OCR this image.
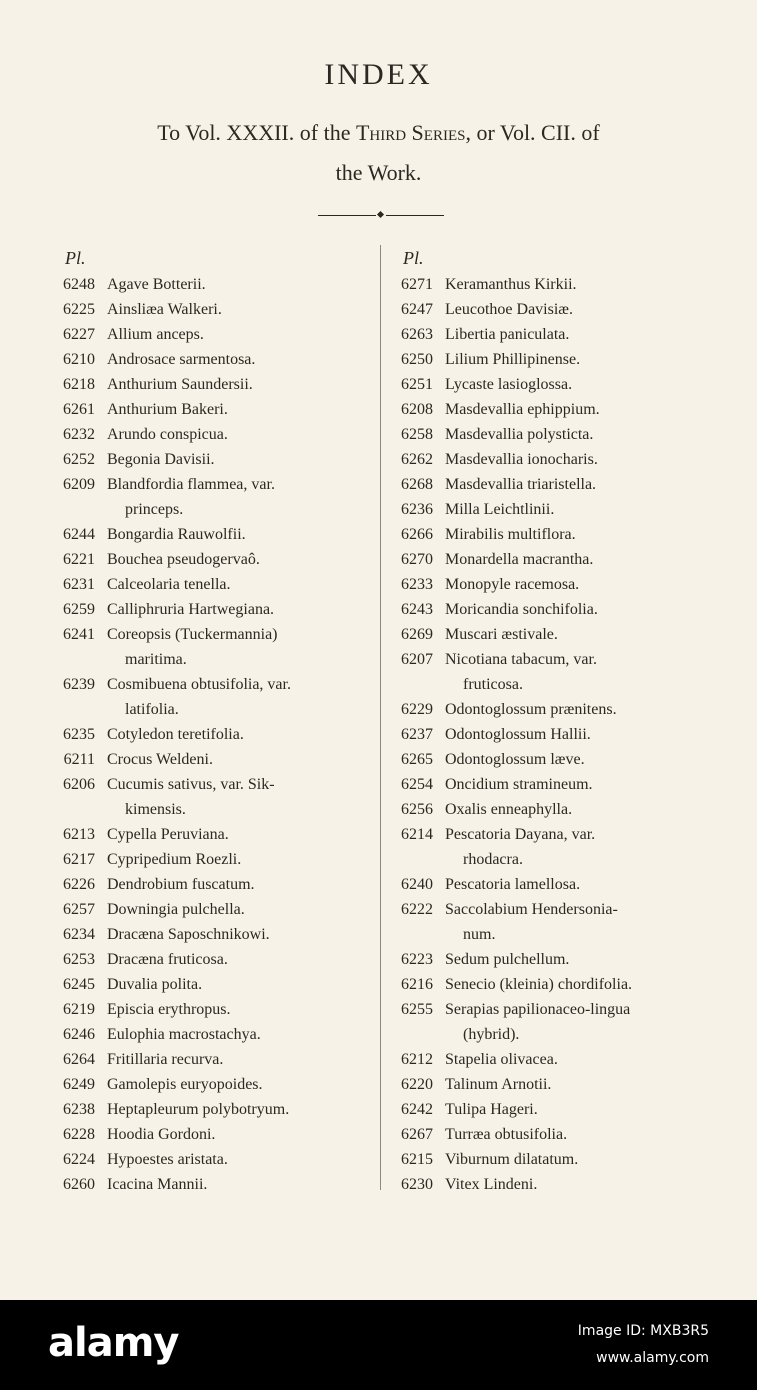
INDEX
To Vol. XXXII. of the Third Series, or Vol. CII. of
the Work.
Pl.
6248 Agave Botterii.
6225 Ainsliæa Walkeri.
6227 Allium anceps.
6210 Androsace sarmentosa.
6218 Anthurium Saundersii.
6261 Anthurium Bakeri.
6232 Arundo conspicua.
6252 Begonia Davisii.
6209 Blandfordia flammea, var.
princeps.
6244 Bongardia Rauwolfii.
6221 Bouchea pseudogervaô.
6231 Calceolaria tenella.
6259 Calliphruria Hartwegiana.
6241 Coreopsis (Tuckermannia)
maritima.
6239 Cosmibuena obtusifolia, var.
latifolia.
6235 Cotyledon teretifolia.
6211 Crocus Weldeni.
6206 Cucumis sativus, var. Sik-
kimensis.
6213 Cypella Peruviana.
6217 Cypripedium Roezli.
6226 Dendrobium fuscatum.
6257 Downingia pulchella.
6234 Dracæna Saposchnikowi.
6253 Dracæna fruticosa.
6245 Duvalia polita.
6219 Episcia erythropus.
6246 Eulophia macrostachya.
6264 Fritillaria recurva.
6249 Gamolepis euryopoides.
6238 Heptapleurum polybotryum.
6228 Hoodia Gordoni.
6224 Hypoestes aristata.
6260 Icacina Mannii.
Pl.
6271 Keramanthus Kirkii.
6247 Leucothoe Davisiæ.
6263 Libertia paniculata.
6250 Lilium Phillipinense.
6251 Lycaste lasioglossa.
6208 Masdevallia ephippium.
6258 Masdevallia polysticta.
6262 Masdevallia ionocharis.
6268 Masdevallia triaristella.
6236 Milla Leichtlinii.
6266 Mirabilis multiflora.
6270 Monardella macrantha.
6233 Monopyle racemosa.
6243 Moricandia sonchifolia.
6269 Muscari æstivale.
6207 Nicotiana tabacum, var.
fruticosa.
6229 Odontoglossum prænitens.
6237 Odontoglossum Hallii.
6265 Odontoglossum læve.
6254 Oncidium stramineum.
6256 Oxalis enneaphylla.
6214 Pescatoria Dayana, var.
rhodacra.
6240 Pescatoria lamellosa.
6222 Saccolabium Hendersonia-
num.
6223 Sedum pulchellum.
6216 Senecio (kleinia) chordifolia.
6255 Serapias papilionaceo-lingua
(hybrid).
6212 Stapelia olivacea.
6220 Talinum Arnotii.
6242 Tulipa Hageri.
6267 Turræa obtusifolia.
6215 Viburnum dilatatum.
6230 Vitex Lindeni.
alamy	Image ID: MXB3R5
www.alamy.com
